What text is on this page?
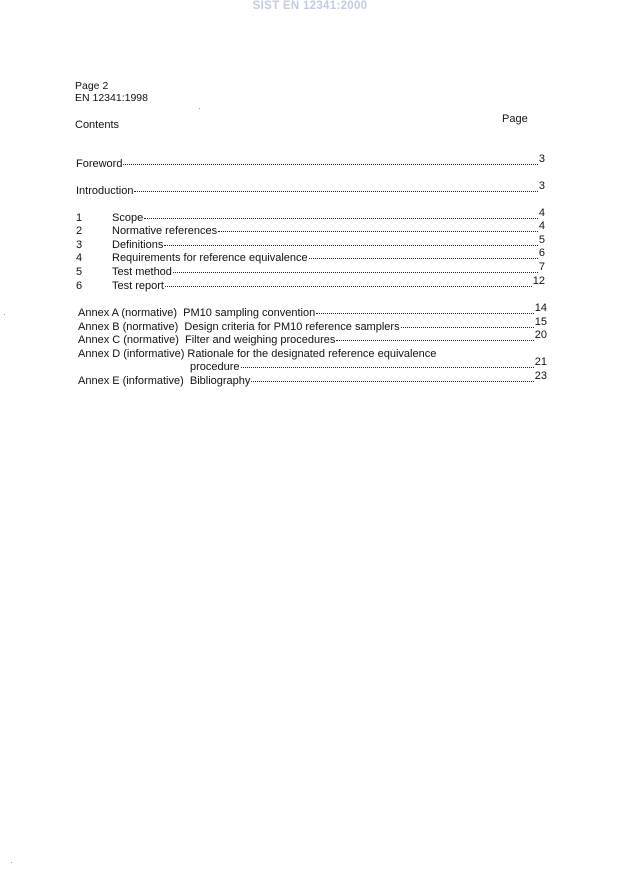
SIST EN 12341:2000
Page 2
EN 12341:1998
Contents	Page
Foreword	3
Introduction	3
1	Scope	4
2	Normative references	4
3	Definitions	5
4	Requirements for reference equivalence	6
5	Test method	7
6	Test report	12
Annex A (normative)  PM10 sampling convention	14
Annex B (normative)  Design criteria for PM10 reference samplers	15
Annex C (normative)  Filter and weighing procedures	20
Annex D (informative) Rationale for the designated reference equivalence
procedure	21
Annex E (informative)  Bibliography	23
